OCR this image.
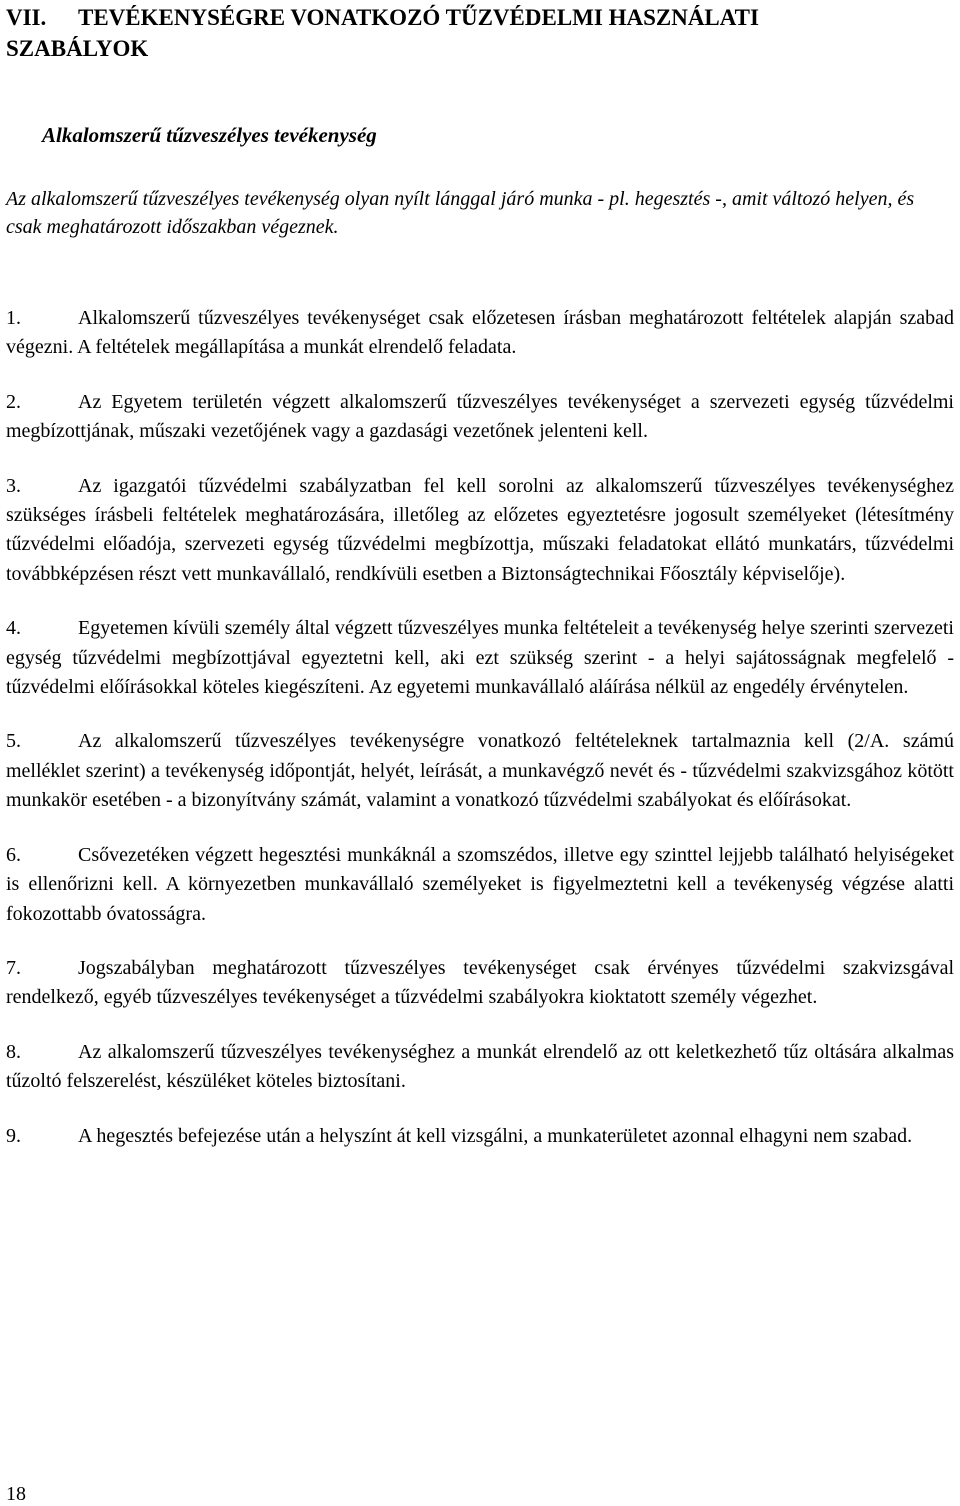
VII. TEVÉKENYSÉGRE VONATKOZÓ TŰZVÉDELMI HASZNÁLATI SZABÁLYOK
Alkalomszerű tűzveszélyes tevékenység

Az alkalomszerű tűzveszélyes tevékenység olyan nyílt lánggal járó munka - pl. hegesztés -, amit változó helyen, és csak meghatározott időszakban végeznek.

1.	Alkalomszerű tűzveszélyes tevékenységet csak előzetesen írásban meghatározott feltételek alapján szabad végezni. A feltételek megállapítása a munkát elrendelő feladata.

2.	Az Egyetem területén végzett alkalomszerű tűzveszélyes tevékenységet a szervezeti egység tűzvédelmi megbízottjának, műszaki vezetőjének vagy a gazdasági vezetőnek jelenteni kell.

3.	Az igazgatói tűzvédelmi szabályzatban fel kell sorolni az alkalomszerű tűzveszélyes tevékenységhez szükséges írásbeli feltételek meghatározására, illetőleg az előzetes egyeztetésre jogosult személyeket (létesítmény tűzvédelmi előadója, szervezeti egység tűzvédelmi megbízottja, műszaki feladatokat ellátó munkatárs, tűzvédelmi továbbképzésen részt vett munkavállaló, rendkívüli esetben a Biztonságtechnikai Főosztály képviselője).

4.	Egyetemen kívüli személy által végzett tűzveszélyes munka feltételeit a tevékenység helye szerinti szervezeti egység tűzvédelmi megbízottjával egyeztetni kell, aki ezt szükség szerint - a helyi sajátosságnak megfelelő - tűzvédelmi előírásokkal köteles kiegészíteni. Az egyetemi munkavállaló aláírása nélkül az engedély érvénytelen.

5.	Az alkalomszerű tűzveszélyes tevékenységre vonatkozó feltételeknek tartalmaznia kell (2/A. számú melléklet szerint) a tevékenység időpontját, helyét, leírását, a munkavégző nevét és - tűzvédelmi szakvizsgához kötött munkakör esetében - a bizonyítvány számát, valamint a vonatkozó tűzvédelmi szabályokat és előírásokat.

6.	Csővezetéken végzett hegesztési munkáknál a szomszédos, illetve egy szinttel lejjebb található helyiségeket is ellenőrizni kell. A környezetben munkavállaló személyeket is figyelmeztetni kell a tevékenység végzése alatti fokozottabb óvatosságra.

7.	Jogszabályban meghatározott tűzveszélyes tevékenységet csak érvényes tűzvédelmi szakvizsgával rendelkező, egyéb tűzveszélyes tevékenységet a tűzvédelmi szabályokra kioktatott személy végezhet.

8.	Az alkalomszerű tűzveszélyes tevékenységhez a munkát elrendelő az ott keletkezhető tűz oltására alkalmas tűzoltó felszerelést, készüléket köteles biztosítani.

9.	A hegesztés befejezése után a helyszínt át kell vizsgálni, a munkaterületet azonnal elhagyni nem szabad.

18
